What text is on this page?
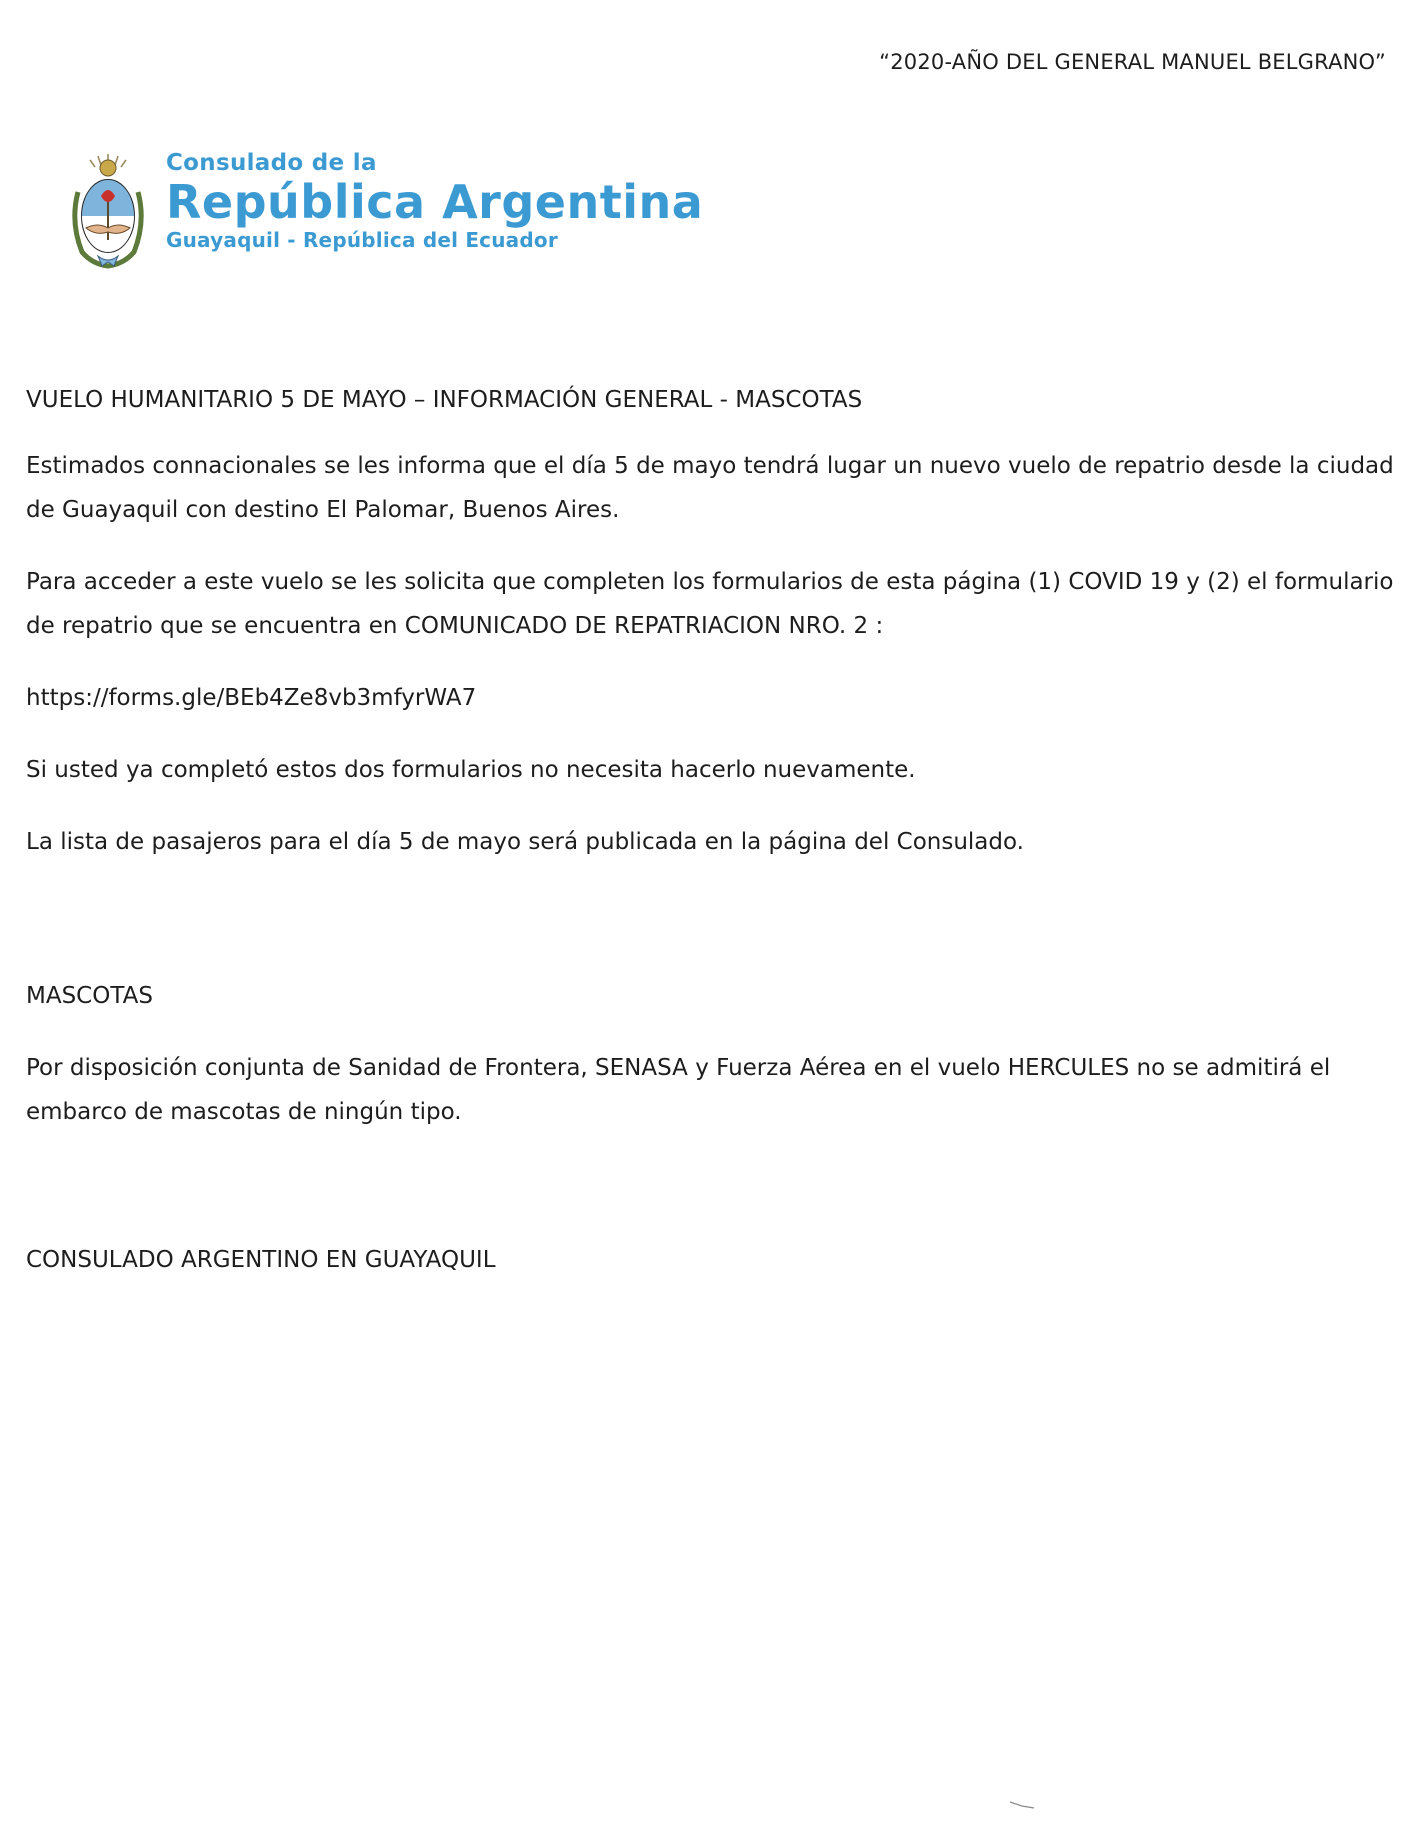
“2020-AÑO DEL GENERAL MANUEL BELGRANO”
Consulado de la
República Argentina
Guayaquil - República del Ecuador

VUELO HUMANITARIO 5 DE MAYO – INFORMACIÓN GENERAL - MASCOTAS

Estimados connacionales se les informa que el día 5 de mayo tendrá lugar un nuevo vuelo de repatrio desde la ciudad de Guayaquil con destino El Palomar, Buenos Aires.

Para acceder a este vuelo se les solicita que completen los formularios de esta página (1) COVID 19 y (2) el formulario de repatrio que se encuentra en COMUNICADO DE REPATRIACION NRO. 2 :

https://forms.gle/BEb4Ze8vb3mfyrWA7

Si usted ya completó estos dos formularios no necesita hacerlo nuevamente.

La lista de pasajeros para el día 5 de mayo será publicada en la página del Consulado.

MASCOTAS

Por disposición conjunta de Sanidad de Frontera, SENASA y Fuerza Aérea en el vuelo HERCULES no se admitirá el embarco de mascotas de ningún tipo.

CONSULADO ARGENTINO EN GUAYAQUIL
